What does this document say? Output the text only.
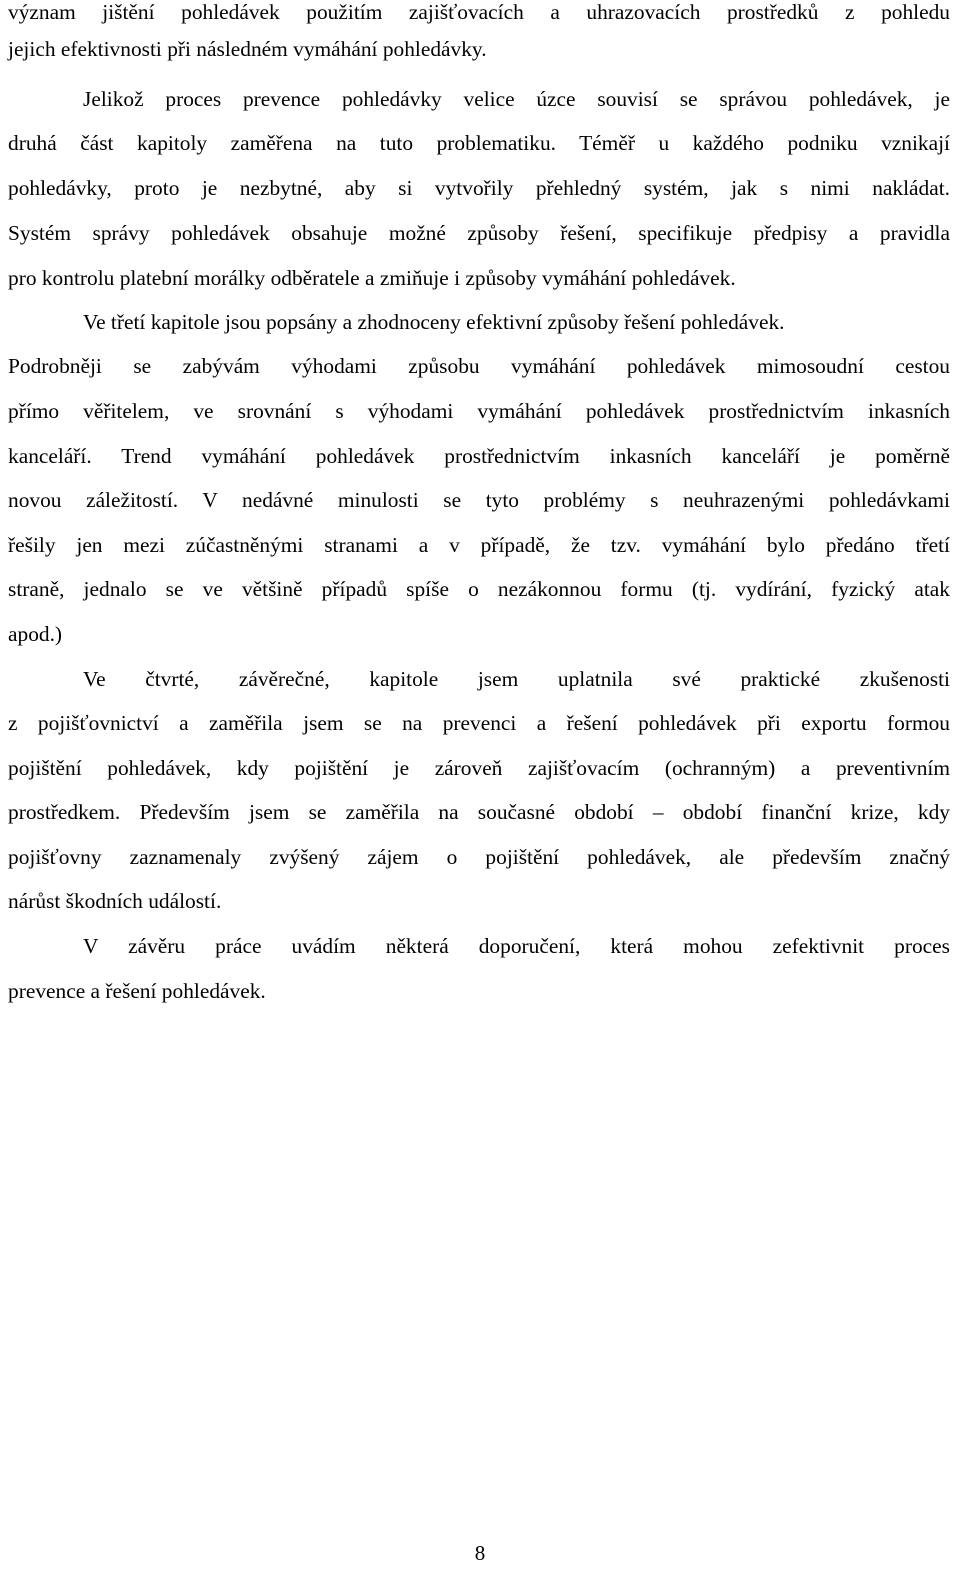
význam jištění pohledávek použitím zajišťovacích a uhrazovacích prostředků z pohledu
jejich efektivnosti při následném vymáhání pohledávky.
Jelikož proces prevence pohledávky velice úzce souvisí se správou pohledávek, je
druhá část kapitoly zaměřena na tuto problematiku. Téměř u každého podniku vznikají
pohledávky, proto je nezbytné, aby si vytvořily přehledný systém, jak s nimi nakládat.
Systém správy pohledávek obsahuje možné způsoby řešení, specifikuje předpisy a pravidla
pro kontrolu platební morálky odběratele a zmiňuje i způsoby vymáhání pohledávek.
Ve třetí kapitole jsou popsány a zhodnoceny efektivní způsoby řešení pohledávek.
Podrobněji se zabývám výhodami způsobu vymáhání pohledávek mimosoudní cestou
přímo věřitelem, ve srovnání s výhodami vymáhání pohledávek prostřednictvím inkasních
kanceláří. Trend vymáhání pohledávek prostřednictvím inkasních kanceláří je poměrně
novou záležitostí. V nedávné minulosti se tyto problémy s neuhrazenými pohledávkami
řešily jen mezi zúčastněnými stranami a v případě, že tzv. vymáhání bylo předáno třetí
straně, jednalo se ve většině případů spíše o nezákonnou formu (tj. vydírání, fyzický atak
apod.)
Ve čtvrté, závěrečné, kapitole jsem uplatnila své praktické zkušenosti
z pojišťovnictví a zaměřila jsem se na prevenci a řešení pohledávek při exportu formou
pojištění pohledávek, kdy pojištění je zároveň zajišťovacím (ochranným) a preventivním
prostředkem. Především jsem se zaměřila na současné období – období finanční krize, kdy
pojišťovny zaznamenaly zvýšený zájem o pojištění pohledávek, ale především značný
nárůst škodních událostí.
V závěru práce uvádím některá doporučení, která mohou zefektivnit proces
prevence a řešení pohledávek.
8
